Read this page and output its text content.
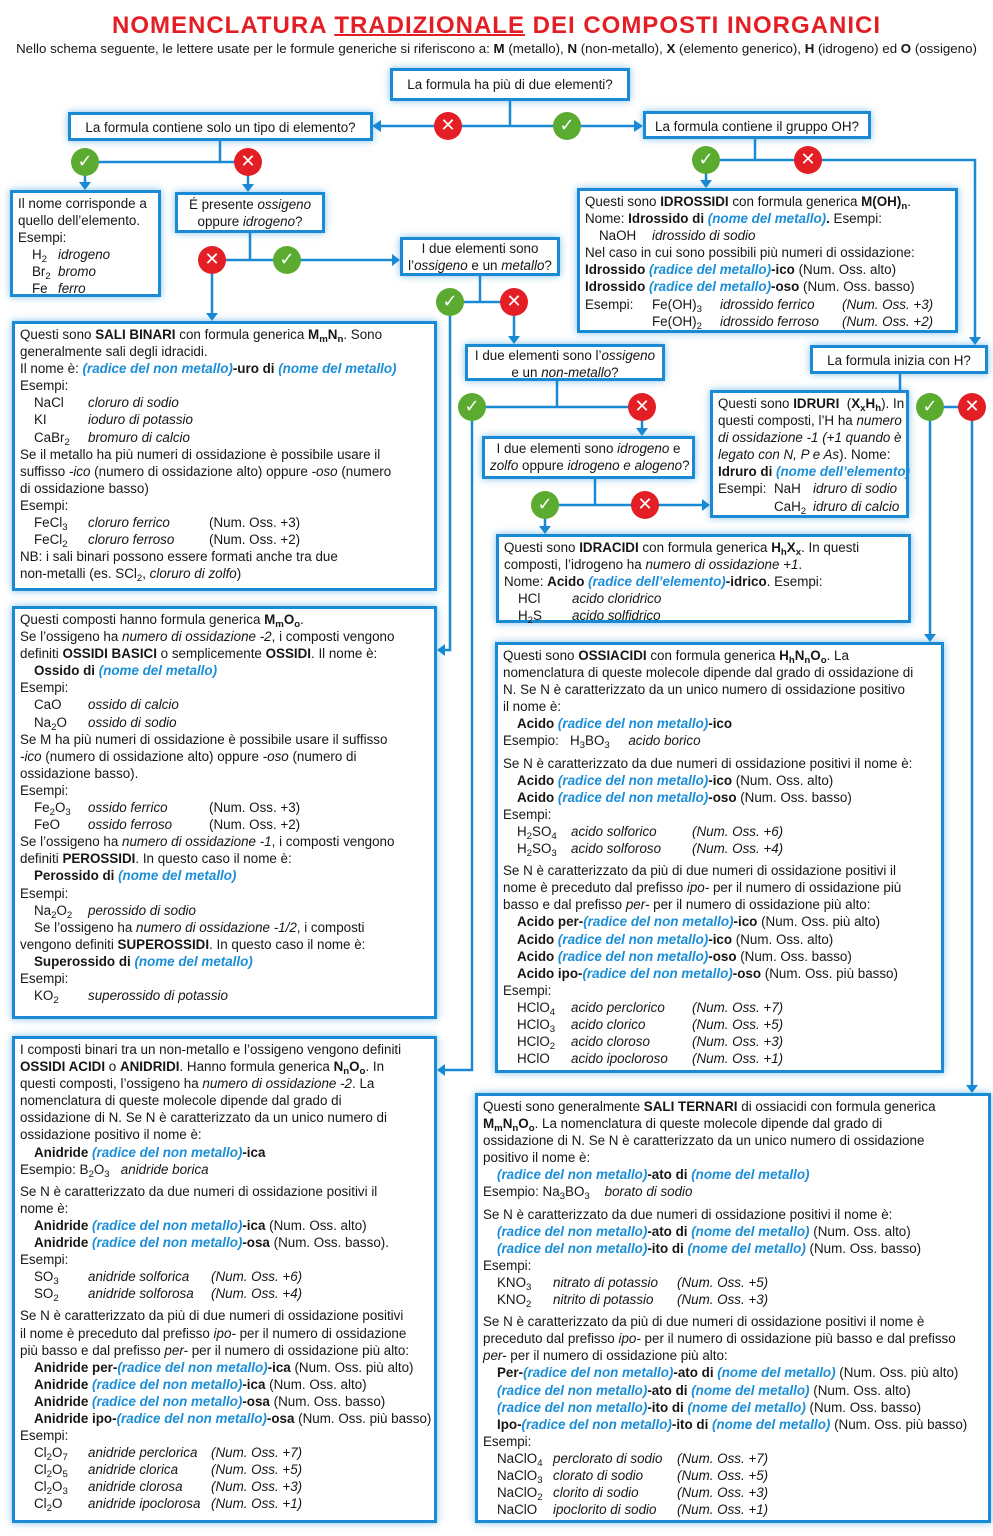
NOMENCLATURA TRADIZIONALE DEI COMPOSTI INORGANICI
Nello schema seguente, le lettere usate per le formule generiche si riferiscono a: M (metallo), N (non-metallo), X (elemento generico), H (idrogeno) ed O (ossigeno)
La formula ha più di due elementi?
La formula contiene solo un tipo di elemento?	La formula contiene il gruppo OH?
Il nome corrisponde a
quello dell’elemento.
Esempi:
$H_2$ idrogeno
$Br_2$ bromo
Fe ferro
É presente ossigeno
oppure idrogeno?
I due elementi sono
l’ossigeno e un metallo?
Questi sono IDROSSIDI con formula generica $M(OH)_n$.
Nome: Idrossido di (nome del metallo). Esempi:
NaOH idrossido di sodio
Nel caso in cui sono possibili più numeri di ossidazione:
Idrossido (radice del metallo)-ico (Num. Oss. alto)
Idrossido (radice del metallo)-oso (Num. Oss. basso)
Esempi: $Fe(OH)_3$ idrossido ferrico (Num. Oss. +3)
$Fe(OH)_2$ idrossido ferroso (Num. Oss. +2)
Questi sono SALI BINARI con formula generica $M_mN_n$. Sono
generalmente sali degli idracidi.
Il nome è: (radice del non metallo)-uro di (nome del metallo)
Esempi:
NaCl cloruro di sodio
KI	ioduro di potassio
CaBr$_2$ bromuro di calcio
Se il metallo ha più numeri di ossidazione è possibile usare il
suffisso -ico (numero di ossidazione alto) oppure -oso (numero
di ossidazione basso)
Esempi:
FeCl$_3$ cloruro ferrico	(Num. Oss. +3)
FeCl$_2$ cloruro ferroso	(Num. Oss. +2)
NB: i sali binari possono essere formati anche tra due
non-metalli (es. SCl$_2$, cloruro di zolfo)
I due elementi sono l’ossigeno
e un non-metallo?
La formula inizia con H?
Questi sono IDRURI  $(X_xH_h)$. In
questi composti, l’H ha numero
di ossidazione -1 (+1 quando è
legato con N, P e As). Nome:
Idruro di (nome dell’elemento)
Esempi: NaH idruro di sodio
CaH$_2$ idruro di calcio
I due elementi sono idrogeno e
zolfo oppure idrogeno e alogeno?
Questi sono IDRACIDI con formula generica $H_hX_x$. In questi
composti, l’idrogeno ha numero di ossidazione +1.
Nome: Acido (radice dell’elemento)-idrico. Esempi:
HCl acido cloridrico
$H_2S$ acido solfidrico
Questi composti hanno formula generica $M_mO_o$.
Se l’ossigeno ha numero di ossidazione -2, i composti vengono
definiti OSSIDI BASICI o semplicemente OSSIDI. Il nome è:
Ossido di (nome del metallo)
Esempi:
CaO ossido di calcio
$Na_2O$ ossido di sodio
Se M ha più numeri di ossidazione è possibile usare il suffisso
-ico (numero di ossidazione alto) oppure -oso (numero di
ossidazione basso).
Esempi:
$Fe_2O_3$ ossido ferrico	(Num. Oss. +3)
FeO ossido ferroso	(Num. Oss. +2)
Se l’ossigeno ha numero di ossidazione -1, i composti vengono
definiti PEROSSIDI. In questo caso il nome è:
Perossido di (nome del metallo)
Esempi:
$Na_2O_2$ perossido di sodio
Se l’ossigeno ha numero di ossidazione -1/2, i composti
vengono definiti SUPEROSSIDI. In questo caso il nome è:
Superossido di (nome del metallo)
Esempi:
$KO_2$ superossido di potassio
Questi sono OSSIACIDI con formula generica $H_hN_nO_o$. La
nomenclatura di queste molecole dipende dal grado di ossidazione di
N. Se N è caratterizzato da un unico numero di ossidazione positivo
il nome è:
Acido (radice del non metallo)-ico
Esempio:   $H_3BO_3$ acido borico
Se N è caratterizzato da due numeri di ossidazione positivi il nome è:
Acido (radice del non metallo)-ico (Num. Oss. alto)
Acido (radice del non metallo)-oso (Num. Oss. basso)
Esempi:
$H_2SO_4$ acido solforico	(Num. Oss. +6)
$H_2SO_3$ acido solforoso (Num. Oss. +4)
Se N è caratterizzato da più di due numeri di ossidazione positivi il
nome è preceduto dal prefisso ipo- per il numero di ossidazione più
basso e dal prefisso per- per il numero di ossidazione più alto:
Acido per-(radice del non metallo)-ico (Num. Oss. più alto)
Acido (radice del non metallo)-ico (Num. Oss. alto)
Acido (radice del non metallo)-oso (Num. Oss. basso)
Acido ipo-(radice del non metallo)-oso (Num. Oss. più basso)
Esempi:
HClO$_4$ acido perclorico (Num. Oss. +7)
HClO$_3$ acido clorico	(Num. Oss. +5)
HClO$_2$ acido cloroso	(Num. Oss. +3)
HClO acido ipocloroso (Num. Oss. +1)
I composti binari tra un non-metallo e l’ossigeno vengono definiti
OSSIDI ACIDI o ANIDRIDI. Hanno formula generica $N_nO_o$. In
questi composti, l’ossigeno ha numero di ossidazione -2. La
nomenclatura di queste molecole dipende dal grado di
ossidazione di N. Se N è caratterizzato da un unico numero di
ossidazione positivo il nome è:
Anidride (radice del non metallo)-ica
Esempio: $B_2O_3$ anidride borica
Se N è caratterizzato da due numeri di ossidazione positivi il
nome è:
Anidride (radice del non metallo)-ica (Num. Oss. alto)
Anidride (radice del non metallo)-osa (Num. Oss. basso).
Esempi:
$SO_3$ anidride solforica (Num. Oss. +6)
$SO_2$ anidride solforosa (Num. Oss. +4)
Se N è caratterizzato da più di due numeri di ossidazione positivi
il nome è preceduto dal prefisso ipo- per il numero di ossidazione
più basso e dal prefisso per- per il numero di ossidazione più alto:
Anidride per-(radice del non metallo)-ica (Num. Oss. più alto)
Anidride (radice del non metallo)-ica (Num. Oss. alto)
Anidride (radice del non metallo)-osa (Num. Oss. basso)
Anidride ipo-(radice del non metallo)-osa (Num. Oss. più basso)
Esempi:
$Cl_2O_7$ anidride perclorica (Num. Oss. +7)
$Cl_2O_5$ anidride clorica (Num. Oss. +5)
$Cl_2O_3$ anidride clorosa (Num. Oss. +3)
$Cl_2O$ anidride ipoclorosa (Num. Oss. +1)
Questi sono generalmente SALI TERNARI di ossiacidi con formula generica
$M_mN_nO_o$. La nomenclatura di queste molecole dipende dal grado di
ossidazione di N. Se N è caratterizzato da un unico numero di ossidazione
positivo il nome è:
(radice del non metallo)-ato di (nome del metallo)
Esempio: $Na_3BO_3$ borato di sodio
Se N è caratterizzato da due numeri di ossidazione positivi il nome è:
(radice del non metallo)-ato di (nome del metallo) (Num. Oss. alto)
(radice del non metallo)-ito di (nome del metallo) (Num. Oss. basso)
Esempi:
$KNO_3$ nitrato di potassio (Num. Oss. +5)
$KNO_2$ nitrito di potassio (Num. Oss. +3)
Se N è caratterizzato da più di due numeri di ossidazione positivi il nome è
preceduto dal prefisso ipo- per il numero di ossidazione più basso e dal prefisso
per- per il numero di ossidazione più alto:
Per-(radice del non metallo)-ato di (nome del metallo) (Num. Oss. più alto)
(radice del non metallo)-ato di (nome del metallo) (Num. Oss. alto)
(radice del non metallo)-ito di (nome del metallo) (Num. Oss. basso)
Ipo-(radice del non metallo)-ito di (nome del metallo) (Num. Oss. più basso)
Esempi:
NaClO$_4$ perclorato di sodio (Num. Oss. +7)
NaClO$_3$ clorato di sodio	(Num. Oss. +5)
NaClO$_2$ clorito di sodio	(Num. Oss. +3)
NaClO ipoclorito di sodio (Num. Oss. +1)
✕	✓
✓	✕	✓	✕
✕	✓
✓	✕
✓	✕	✓	✕
✓	✕
